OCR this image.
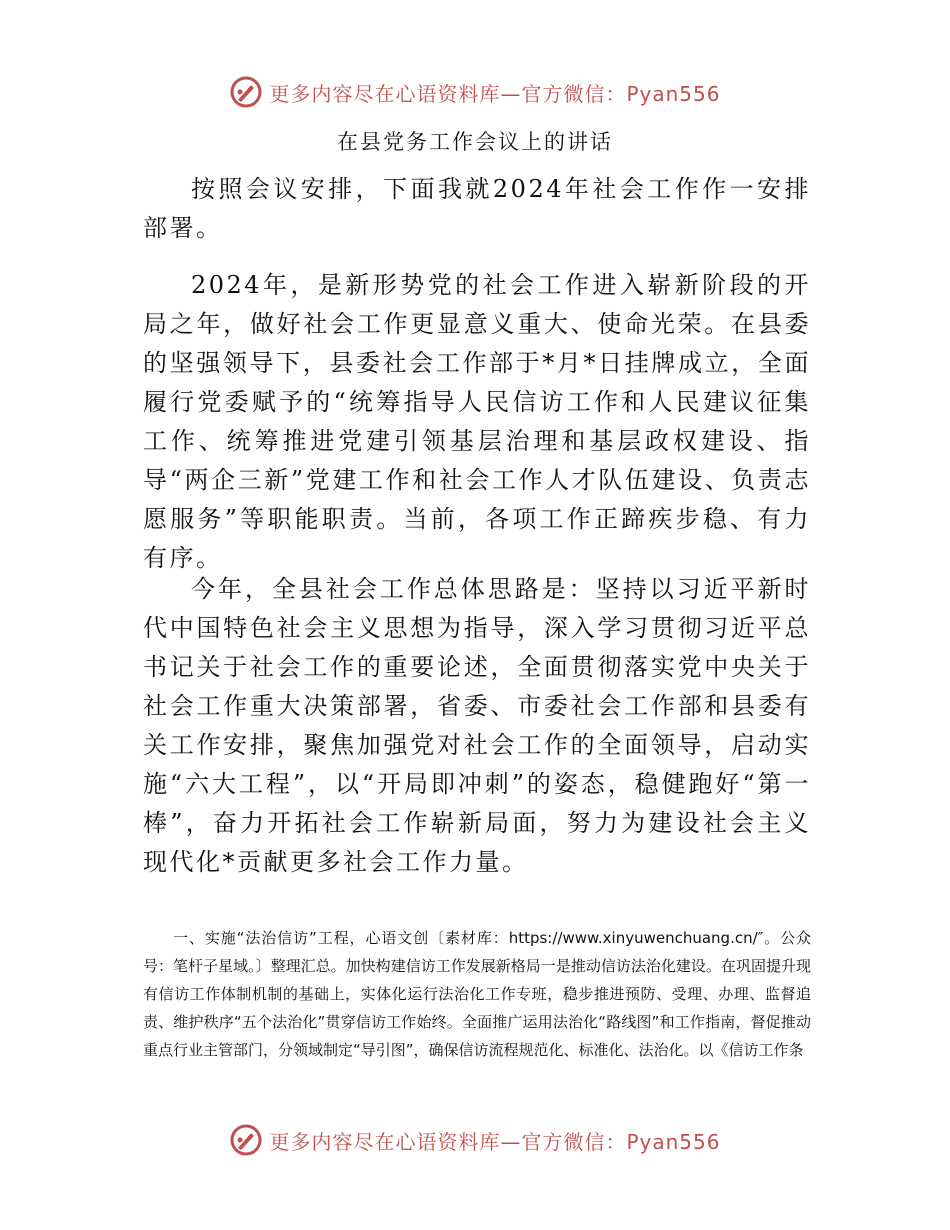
更多内容尽在心语资料库—官方微信：Pyan556
在县党务工作会议上的讲话

按照会议安排，下面我就2024年社会工作作一安排部署。

2024年，是新形势党的社会工作进入崭新阶段的开局之年，做好社会工作更显意义重大、使命光荣。在县委的坚强领导下，县委社会工作部于*月*日挂牌成立，全面履行党委赋予的“统筹指导人民信访工作和人民建议征集工作、统筹推进党建引领基层治理和基层政权建设、指导“两企三新”党建工作和社会工作人才队伍建设、负责志愿服务”等职能职责。当前，各项工作正蹄疾步稳、有力有序。

今年，全县社会工作总体思路是：坚持以习近平新时代中国特色社会主义思想为指导，深入学习贯彻习近平总书记关于社会工作的重要论述，全面贯彻落实党中央关于社会工作重大决策部署，省委、市委社会工作部和县委有关工作安排，聚焦加强党对社会工作的全面领导，启动实施“六大工程”，以“开局即冲刺”的姿态，稳健跑好“第一棒”，奋力开拓社会工作崭新局面，努力为建设社会主义现代化*贡献更多社会工作力量。

一、实施“法治信访”工程，心语文创〔素材库：https://www.xinyuwenchuang.cn/″。公众号：笔杆子星域。〕整理汇总。加快构建信访工作发展新格局一是推动信访法治化建设。在巩固提升现有信访工作体制机制的基础上，实体化运行法治化工作专班，稳步推进预防、受理、办理、监督追责、维护秩序“五个法治化”贯穿信访工作始终。全面推广运用法治化“路线图”和工作指南，督促推动重点行业主管部门，分领域制定“导引图”，确保信访流程规范化、标准化、法治化。以《信访工作条

更多内容尽在心语资料库—官方微信：Pyan556
